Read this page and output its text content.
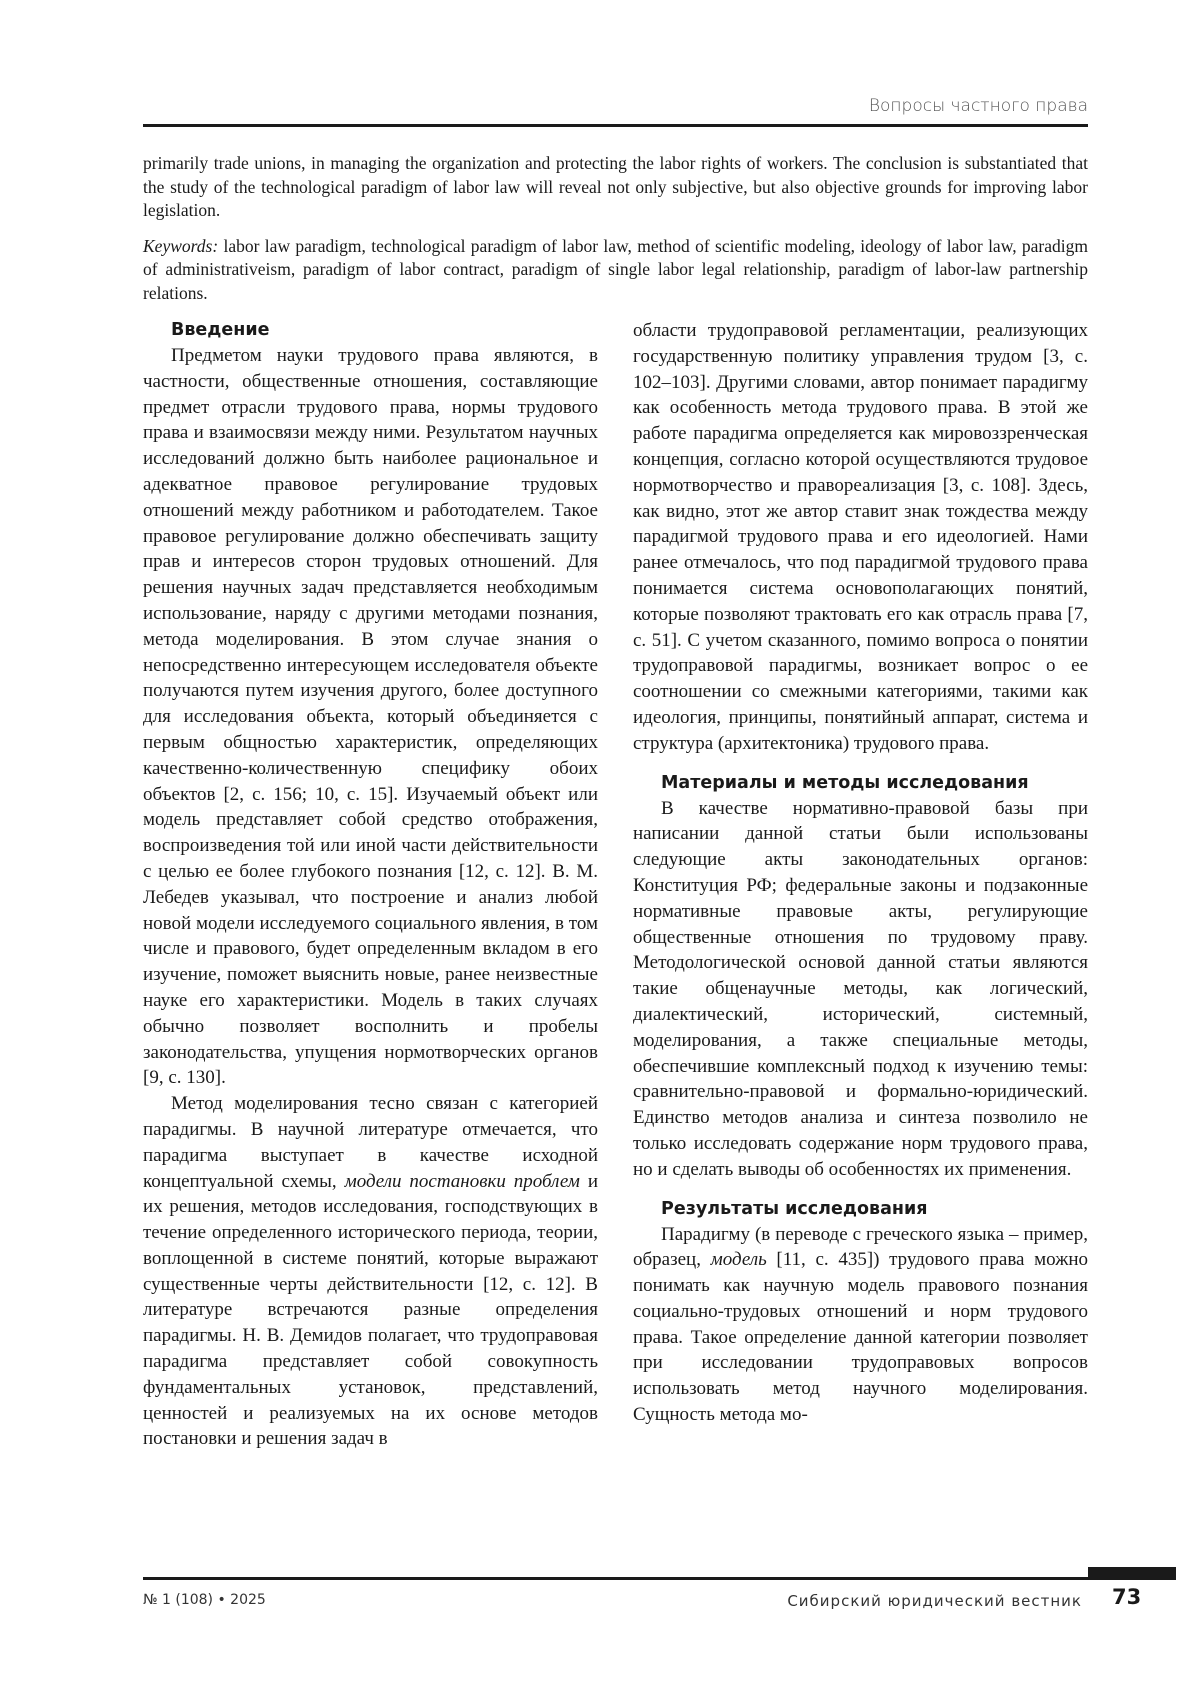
Вопросы частного права

primarily trade unions, in managing the organization and protecting the labor rights of workers. The conclusion is substantiated that the study of the technological paradigm of labor law will reveal not only subjective, but also objective grounds for improving labor legislation.

Keywords: labor law paradigm, technological paradigm of labor law, method of scientific modeling, ideology of labor law, paradigm of administrativeism, paradigm of labor contract, paradigm of single labor legal relationship, paradigm of labor-law partnership relations.

Введение

Предметом науки трудового права являются, в частности, общественные отношения, составляющие предмет отрасли трудового права, нормы трудового права и взаимосвязи между ними. Результатом научных исследований должно быть наиболее рациональное и адекватное правовое регулирование трудовых отношений между работником и работодателем. Такое правовое регулирование должно обеспечивать защиту прав и интересов сторон трудовых отношений. Для решения научных задач представляется необходимым использование, наряду с другими методами познания, метода моделирования. В этом случае знания о непосредственно интересующем исследователя объекте получаются путем изучения другого, более доступного для исследования объекта, который объединяется с первым общностью характеристик, определяющих качественно-количественную специфику обоих объектов [2, с. 156; 10, с. 15]. Изучаемый объект или модель представляет собой средство отображения, воспроизведения той или иной части действительности с целью ее более глубокого познания [12, с. 12]. В. М. Лебедев указывал, что построение и анализ любой новой модели исследуемого социального явления, в том числе и правового, будет определенным вкладом в его изучение, поможет выяснить новые, ранее неизвестные науке его характеристики. Модель в таких случаях обычно позволяет восполнить и пробелы законодательства, упущения нормотворческих органов [9, с. 130].

Метод моделирования тесно связан с категорией парадигмы. В научной литературе отмечается, что парадигма выступает в качестве исходной концептуальной схемы, модели постановки проблем и их решения, методов исследования, господствующих в течение определенного исторического периода, теории, воплощенной в системе понятий, которые выражают существенные черты действительности [12, с. 12]. В литературе встречаются разные определения парадигмы. Н. В. Демидов полагает, что трудоправовая парадигма представляет собой совокупность фундаментальных установок, представлений, ценностей и реализуемых на их основе методов постановки и решения задач в

области трудоправовой регламентации, реализующих государственную политику управления трудом [3, с. 102–103]. Другими словами, автор понимает парадигму как особенность метода трудового права. В этой же работе парадигма определяется как мировоззренческая концепция, согласно которой осуществляются трудовое нормотворчество и правореализация [3, с. 108]. Здесь, как видно, этот же автор ставит знак тождества между парадигмой трудового права и его идеологией. Нами ранее отмечалось, что под парадигмой трудового права понимается система основополагающих понятий, которые позволяют трактовать его как отрасль права [7, с. 51]. С учетом сказанного, помимо вопроса о понятии трудоправовой парадигмы, возникает вопрос о ее соотношении со смежными категориями, такими как идеология, принципы, понятийный аппарат, система и структура (архитектоника) трудового права.

Материалы и методы исследования

В качестве нормативно-правовой базы при написании данной статьи были использованы следующие акты законодательных органов: Конституция РФ; федеральные законы и подзаконные нормативные правовые акты, регулирующие общественные отношения по трудовому праву. Методологической основой данной статьи являются такие общенаучные методы, как логический, диалектический, исторический, системный, моделирования, а также специальные методы, обеспечившие комплексный подход к изучению темы: сравнительно-правовой и формально-юридический. Единство методов анализа и синтеза позволило не только исследовать содержание норм трудового права, но и сделать выводы об особенностях их применения.

Результаты исследования

Парадигму (в переводе с греческого языка – пример, образец, модель [11, с. 435]) трудового права можно понимать как научную модель правового познания социально-трудовых отношений и норм трудового права. Такое определение данной категории позволяет при исследовании трудоправовых вопросов использовать метод научного моделирования. Сущность метода мо-

№ 1 (108) • 2025	Сибирский юридический вестник 73
